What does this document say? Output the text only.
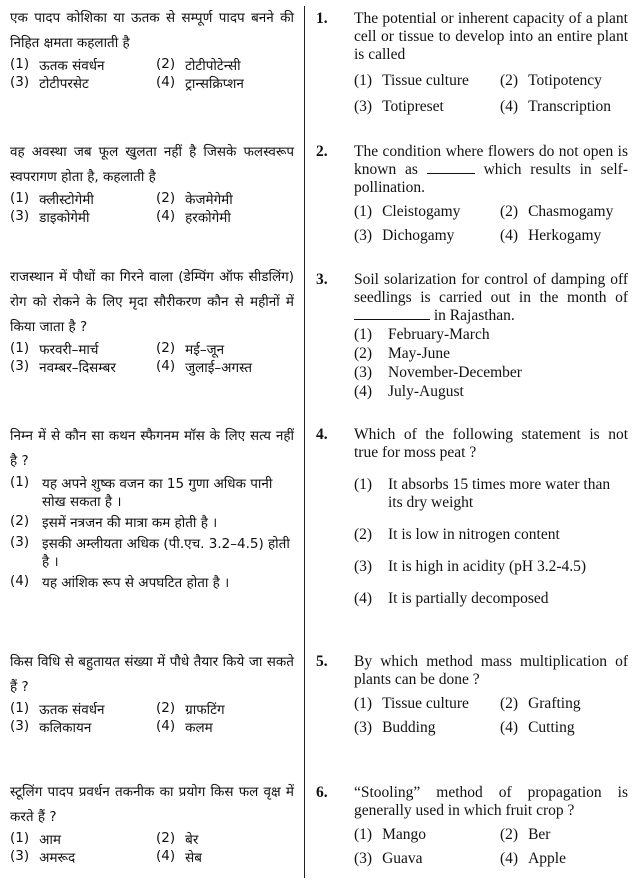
एक पादप कोशिका या ऊतक से सम्पूर्ण पादप बनने की निहित क्षमता कहलाती है
(1) ऊतक संवर्धन	(2) टोटीपोटेन्सी
(3) टोटीपरसेट	(4) ट्रान्सक्रिप्शन
वह अवस्था जब फूल खुलता नहीं है जिसके फलस्वरूप स्वपरागण होता है, कहलाती है
(1) क्लीस्टोगेमी	(2) केजमेगेमी
(3) डाइकोगेमी	(4) हरकोगेमी
राजस्थान में पौधों का गिरने वाला (डेम्पिंग ऑफ सीडलिंग) रोग को रोकने के लिए मृदा सौरीकरण कौन से महीनों में किया जाता है ?
(1) फरवरी–मार्च	(2) मई–जून
(3) नवम्बर–दिसम्बर	(4) जुलाई–अगस्त
निम्न में से कौन सा कथन स्फैगनम मॉस के लिए सत्य नहीं है ?
(1) यह अपने शुष्क वजन का 15 गुणा अधिक पानी सोख सकता है ।
(2) इसमें नत्रजन की मात्रा कम होती है ।
(3) इसकी अम्लीयता अधिक (पी.एच. 3.2–4.5) होती है ।
(4) यह आंशिक रूप से अपघटित होता है ।
किस विधि से बहुतायत संख्या में पौधे तैयार किये जा सकते हैं ?
(1) ऊतक संवर्धन	(2) ग्राफटिंग
(3) कलिकायन	(4) कलम
स्टूलिंग पादप प्रवर्धन तकनीक का प्रयोग किस फल वृक्ष में करते हैं ?
(1) आम	(2) बेर
(3) अमरूद	(4) सेब
1. The potential or inherent capacity of a plant cell or tissue to develop into an entire plant is called
(1) Tissue culture	(2) Totipotency
(3) Totipreset	(4) Transcription
2. The condition where flowers do not open is known as	which results in self-pollination.
(1) Cleistogamy	(2) Chasmogamy
(3) Dichogamy	(4) Herkogamy
3. Soil solarization for control of damping off seedlings is carried out in the month of in Rajasthan.
(1)	February-March
(2)	May-June
(3)	November-December
(4)	July-August
4. Which of the following statement is not true for moss peat ?
(1)	It absorbs 15 times more water than its dry weight
(2)	It is low in nitrogen content
(3)	It is high in acidity (pH 3.2-4.5)
(4)	It is partially decomposed
5. By which method mass multiplication of plants can be done ?
(1) Tissue culture	(2) Grafting
(3) Budding	(4) Cutting
6. “Stooling” method of propagation is generally used in which fruit crop ?
(1) Mango	(2) Ber
(3) Guava	(4) Apple
